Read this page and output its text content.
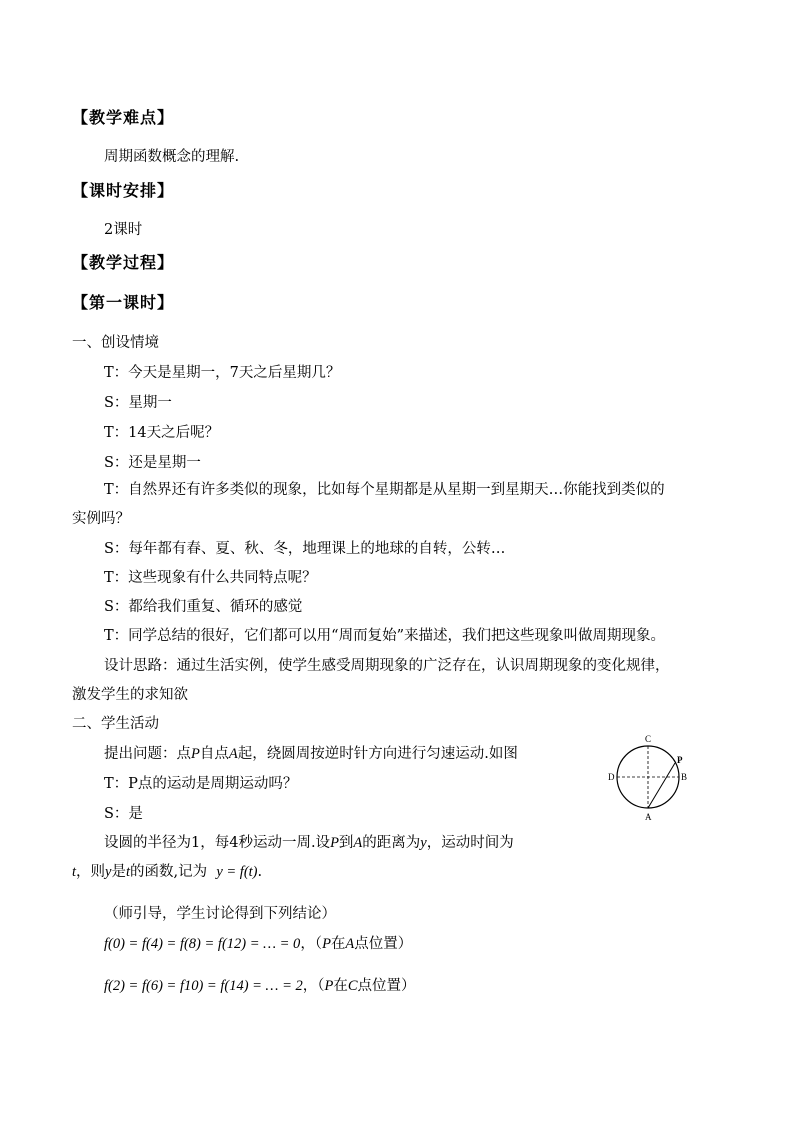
【教学难点】
周期函数概念的理解.
【课时安排】
2课时
【教学过程】
【第一课时】
一、创设情境
T：今天是星期一，7天之后星期几？
S：星期一
T：14天之后呢？
S：还是星期一
T：自然界还有许多类似的现象，比如每个星期都是从星期一到星期天…你能找到类似的
实例吗？
S：每年都有春、夏、秋、冬，地理课上的地球的自转，公转…
T：这些现象有什么共同特点呢？
S：都给我们重复、循环的感觉
T：同学总结的很好，它们都可以用“周而复始”来描述，我们把这些现象叫做周期现象。
设计思路：通过生活实例，使学生感受周期现象的广泛存在，认识周期现象的变化规律，
激发学生的求知欲
二、学生活动
提出问题：点P自点A起，绕圆周按逆时针方向进行匀速运动.如图
T：P点的运动是周期运动吗？
S：是
设圆的半径为1，每4秒运动一周.设P到A的距离为y，运动时间为
t，则y是t的函数,记为 y = f(t).
（师引导，学生讨论得到下列结论）
f(0) = f(4) = f(8) = f(12) = … = 0，（P在A点位置）
f(2) = f(6) = f10) = f(14) = … = 2，（P在C点位置）
C
A
D	B
P
